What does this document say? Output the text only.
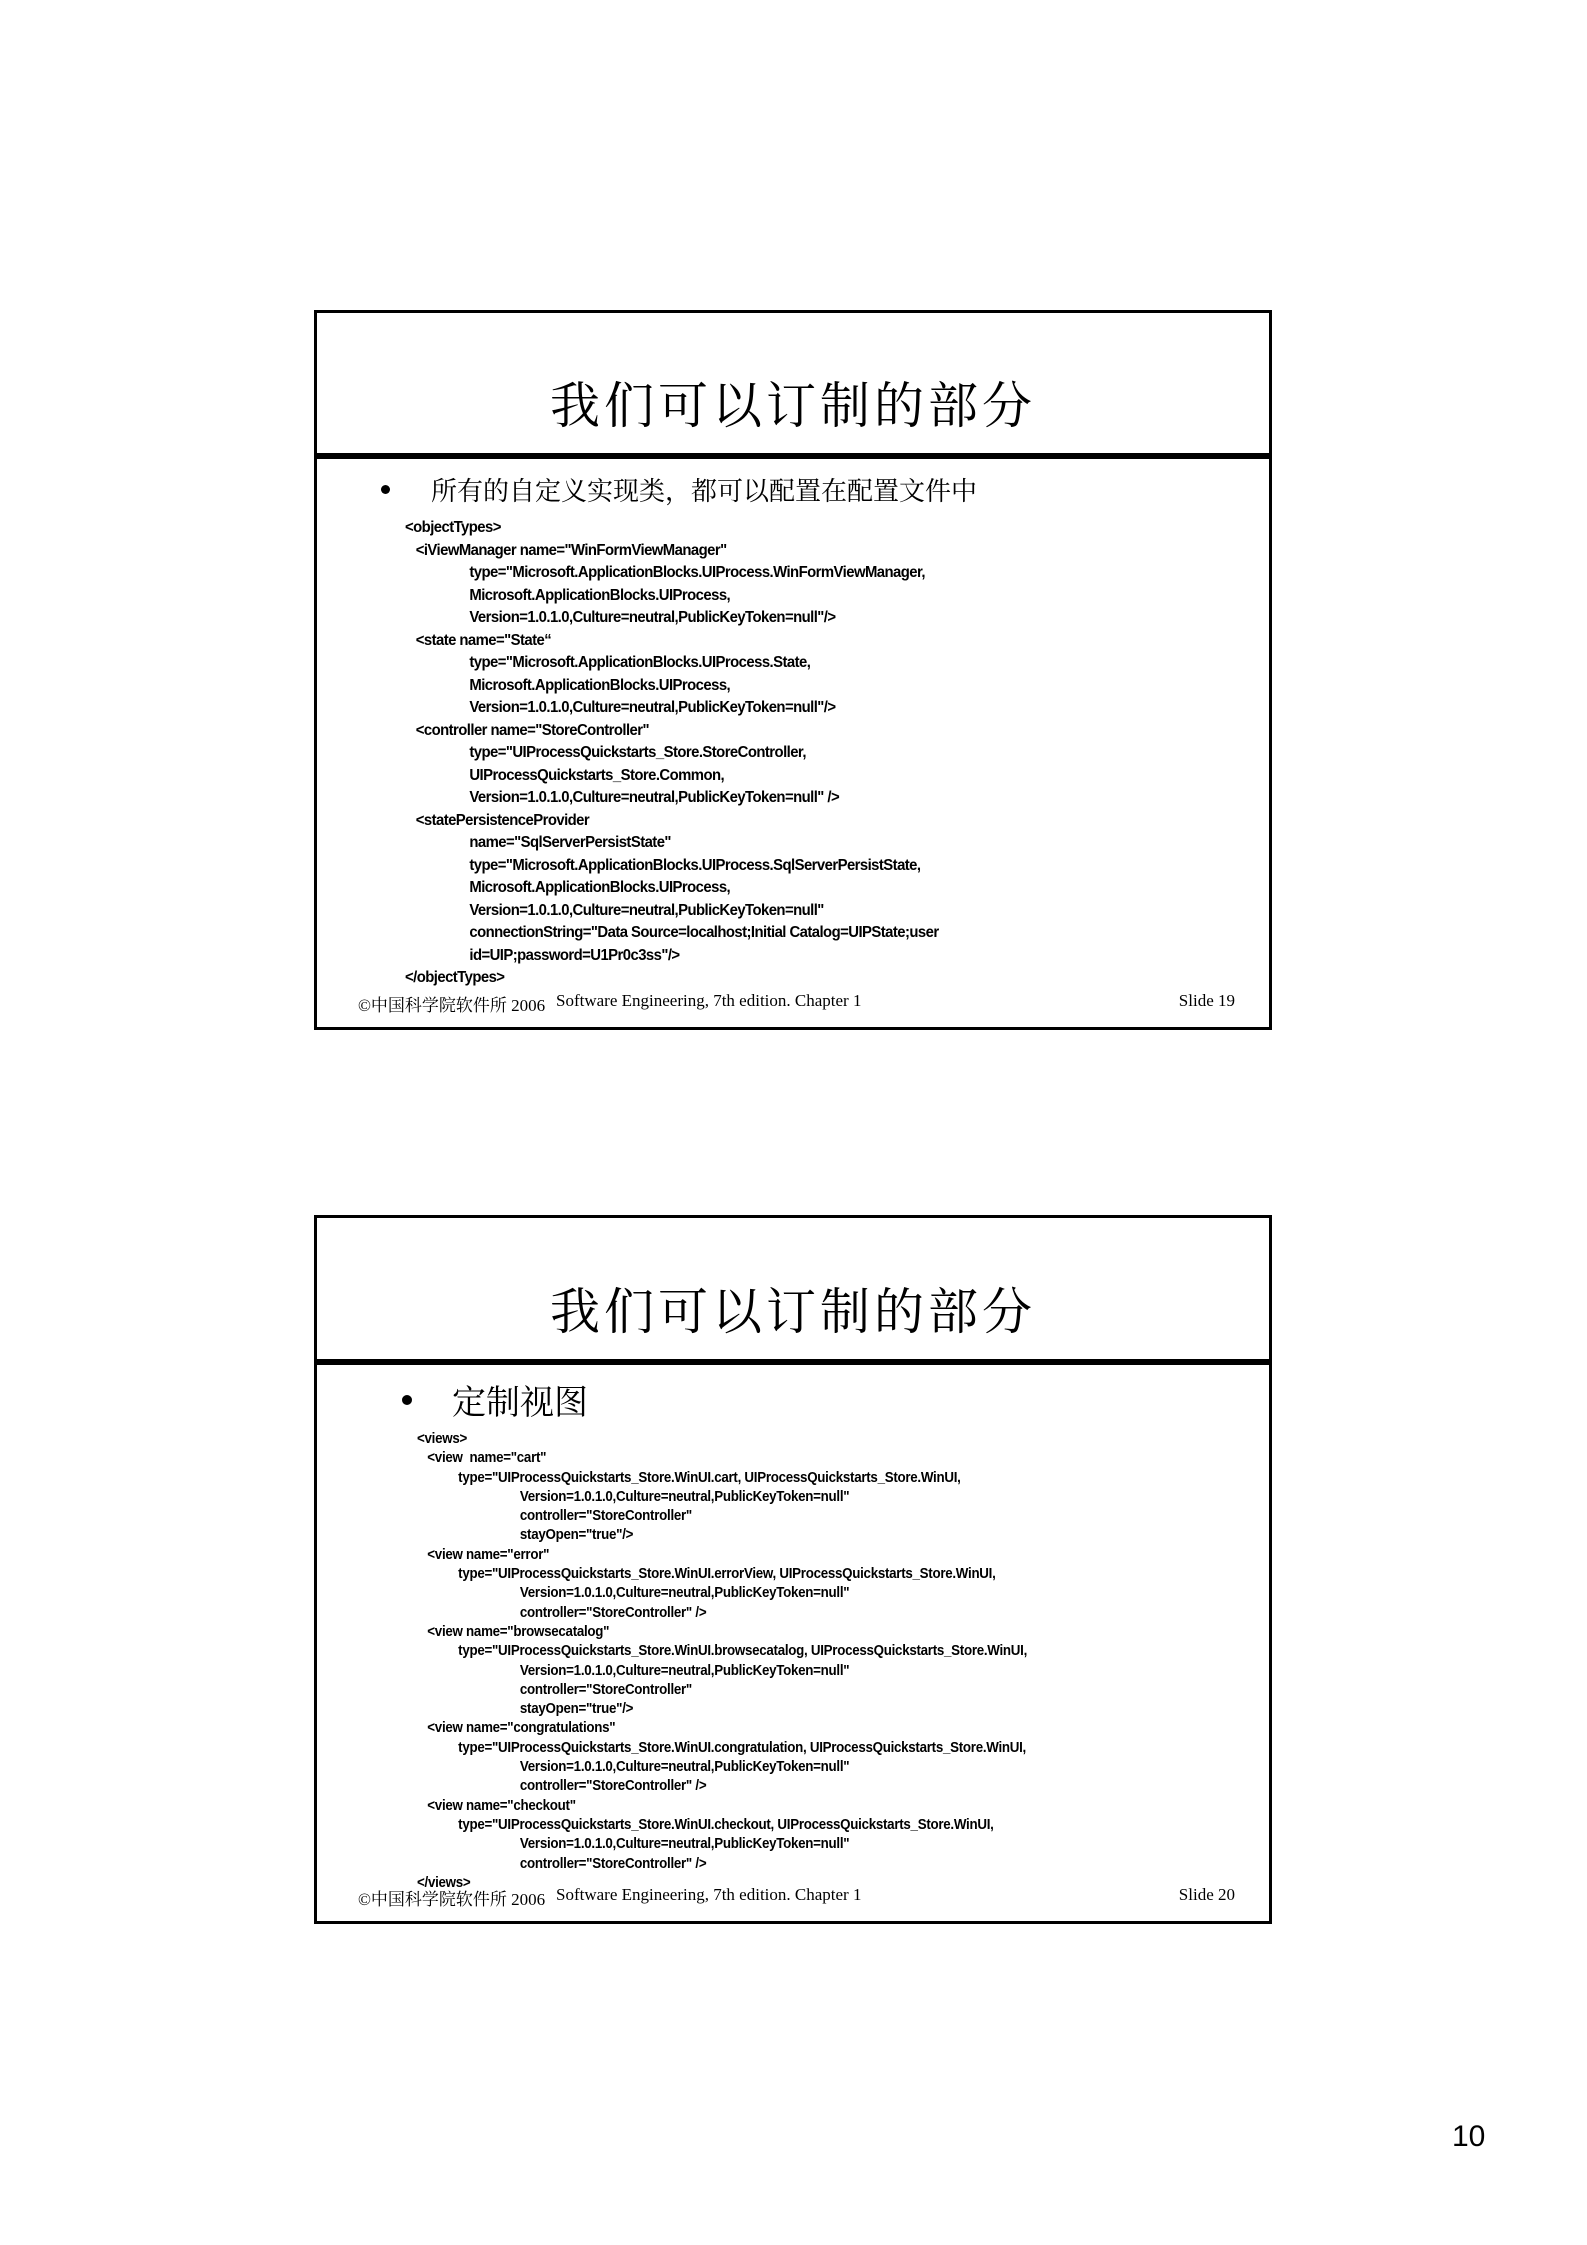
我们可以订制的部分
所有的自定义实现类，都可以配置在配置文件中
<objectTypes>
<iViewManager name="WinFormViewManager"
type="Microsoft.ApplicationBlocks.UIProcess.WinFormViewManager,
Microsoft.ApplicationBlocks.UIProcess,
Version=1.0.1.0,Culture=neutral,PublicKeyToken=null"/>
<state name="State“
type="Microsoft.ApplicationBlocks.UIProcess.State,
Microsoft.ApplicationBlocks.UIProcess,
Version=1.0.1.0,Culture=neutral,PublicKeyToken=null"/>
<controller name="StoreController"
type="UIProcessQuickstarts_Store.StoreController,
UIProcessQuickstarts_Store.Common,
Version=1.0.1.0,Culture=neutral,PublicKeyToken=null" />
<statePersistenceProvider
name="SqlServerPersistState"
type="Microsoft.ApplicationBlocks.UIProcess.SqlServerPersistState,
Microsoft.ApplicationBlocks.UIProcess,
Version=1.0.1.0,Culture=neutral,PublicKeyToken=null"
connectionString="Data Source=localhost;Initial Catalog=UIPState;user
id=UIP;password=U1Pr0c3ss"/>
</objectTypes>
©中国科学院软件所 2006 Software Engineering, 7th edition. Chapter 1	Slide 19
我们可以订制的部分
定制视图
<views>
<view  name="cart"
type="UIProcessQuickstarts_Store.WinUI.cart, UIProcessQuickstarts_Store.WinUI,
Version=1.0.1.0,Culture=neutral,PublicKeyToken=null"
controller="StoreController"
stayOpen="true"/>
<view name="error"
type="UIProcessQuickstarts_Store.WinUI.errorView, UIProcessQuickstarts_Store.WinUI,
Version=1.0.1.0,Culture=neutral,PublicKeyToken=null"
controller="StoreController" />
<view name="browsecatalog"
type="UIProcessQuickstarts_Store.WinUI.browsecatalog, UIProcessQuickstarts_Store.WinUI,
Version=1.0.1.0,Culture=neutral,PublicKeyToken=null"
controller="StoreController"
stayOpen="true"/>
<view name="congratulations"
type="UIProcessQuickstarts_Store.WinUI.congratulation, UIProcessQuickstarts_Store.WinUI,
Version=1.0.1.0,Culture=neutral,PublicKeyToken=null"
controller="StoreController" />
<view name="checkout"
type="UIProcessQuickstarts_Store.WinUI.checkout, UIProcessQuickstarts_Store.WinUI,
Version=1.0.1.0,Culture=neutral,PublicKeyToken=null"
controller="StoreController" />
</views>
©中国科学院软件所 2006 Software Engineering, 7th edition. Chapter 1	Slide 20
10
